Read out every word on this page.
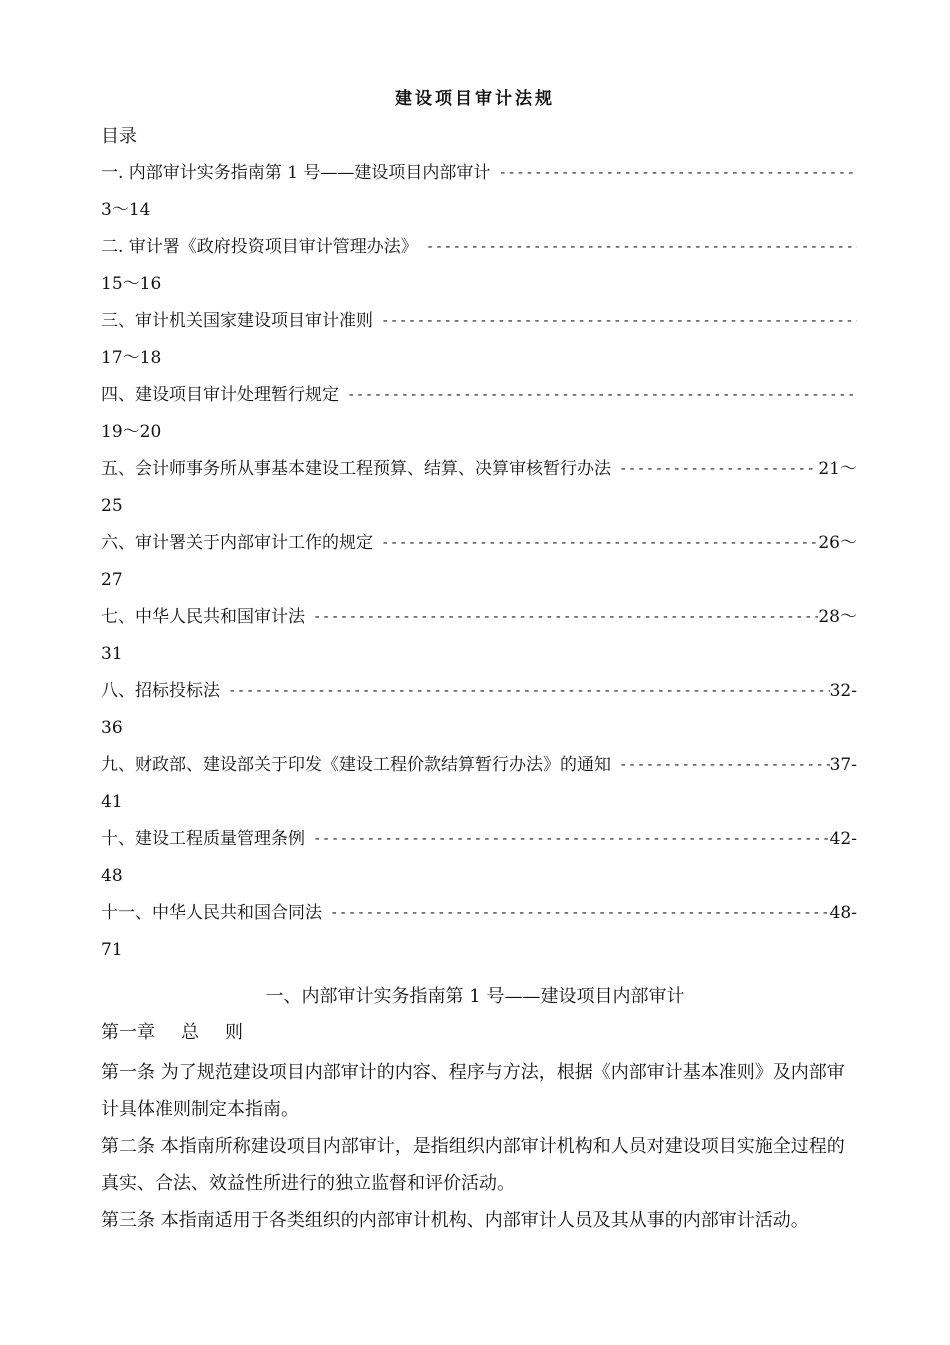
建设项目审计法规
目录
一. 内部审计实务指南第 1 号——建设项目内部审计
-----
3～14
二. 审计署《政府投资项目审计管理办法》
-----
15～16
三、审计机关国家建设项目审计准则
-----
17～18
四、建设项目审计处理暂行规定
-----
19～20
五、会计师事务所从事基本建设工程预算、结算、决算审核暂行办法 -----	21～
25
六、审计署关于内部审计工作的规定 -----	26～
27
七、中华人民共和国审计法 -----	28～
31
八、招标投标法 -----	32-
36
九、财政部、建设部关于印发《建设工程价款结算暂行办法》的通知 -----	37-
41
十、建设工程质量管理条例 -----	42-
48
十一、中华人民共和国合同法 -----	48-
71
一、内部审计实务指南第 1 号——建设项目内部审计
第一章 总 则

第一条 为了规范建设项目内部审计的内容、程序与方法，根据《内部审计基本准则》及内部审计具体准则制定本指南。

第二条 本指南所称建设项目内部审计，是指组织内部审计机构和人员对建设项目实施全过程的真实、合法、效益性所进行的独立监督和评价活动。

第三条 本指南适用于各类组织的内部审计机构、内部审计人员及其从事的内部审计活动。
